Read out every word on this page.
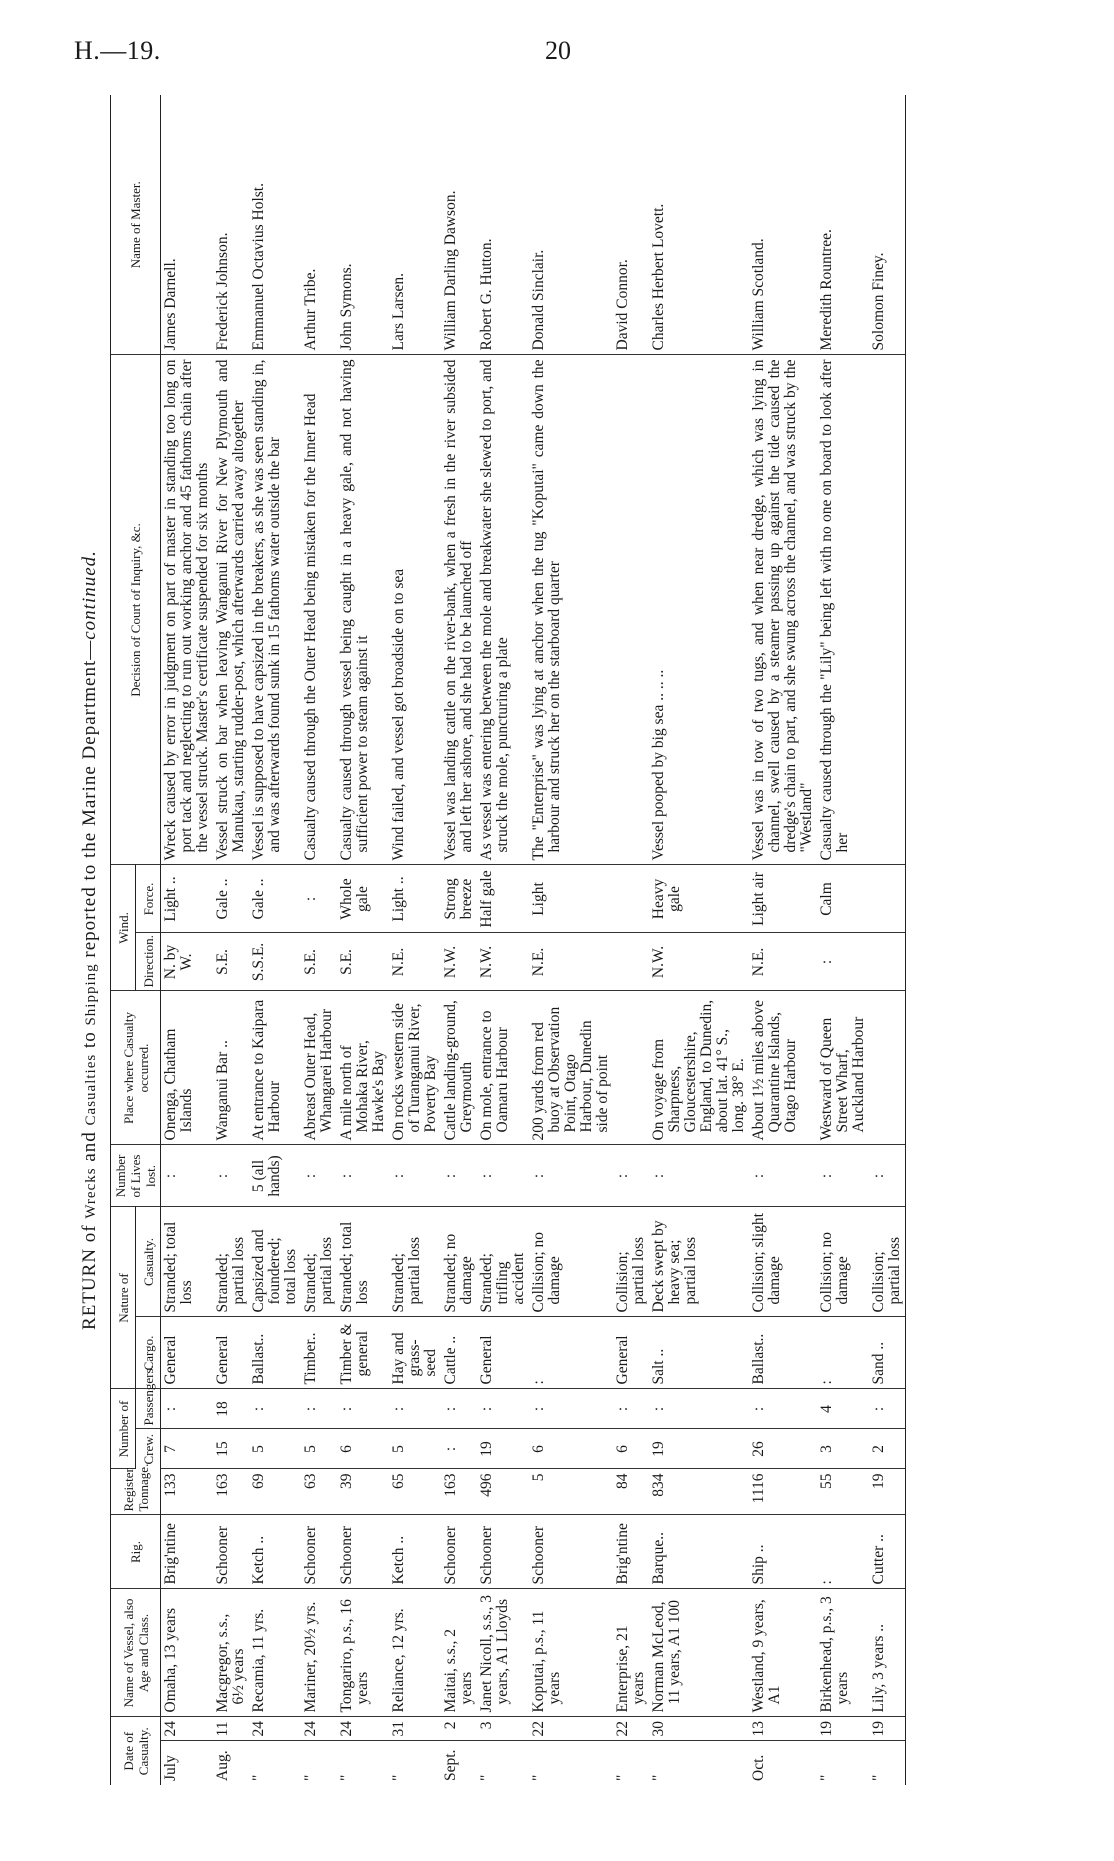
H.—19.	20
RETURN of Wrecks and Casualties to Shipping reported to the Marine Department—continued.
Date of Casualty.		Name of Vessel, also Age and Class.	Rig.	Register Tonnage.	Number of		Nature of		Number of Lives lost.	Place where Casualty occurred.	Wind.		Decision of Court of Inquiry, &c.	Name of Master.
					Crew.	Passengers.	Cargo.	Casualty.			Direction.	Force.		
July	24	Omaha, 13 years	Brig'ntine	133	7	:	General	Stranded; total loss	:	Onenga, Chatham Islands	N. by W.	Light ..	Wreck caused by error in judgment on part of master in standing too long on port tack and neglecting to run out working anchor and 45 fathoms chain after the vessel struck. Master's certificate suspended for six months	James Darnell.
Aug.	11	Macgregor, s.s., 6½ years	Schooner	163	15	18	General	Stranded; partial loss	:	Wanganui Bar ..	S.E.	Gale ..	Vessel struck on bar when leaving Wanganui River for New Plymouth and Manukau, starting rudder-post, which afterwards carried away altogether	Frederick Johnson.
"	24	Recamia, 11 yrs.	Ketch ..	69	5	:	Ballast..	Capsized and foundered; total loss	5 (all hands)	At entrance to Kaipara Harbour	S.S.E.	Gale ..	Vessel is supposed to have capsized in the breakers, as she was seen standing in, and was afterwards found sunk in 15 fathoms water outside the bar	Emmanuel Octavius Holst.
"	24	Mariner, 20½ yrs.	Schooner	63	5	:	Timber..	Stranded; partial loss	:	Abreast Outer Head, Whangarei Harbour	S.E.	:	Casualty caused through the Outer Head being mistaken for the Inner Head	Arthur Tribe.
"	24	Tongariro, p.s., 16 years	Schooner	39	6	:	Timber & general	Stranded; total loss	:	A mile north of Mohaka River, Hawke's Bay	S.E.	Whole gale	Casualty caused through vessel being caught in a heavy gale, and not having sufficient power to steam against it	John Symons.
"	31	Reliance, 12 yrs.	Ketch ..	65	5	:	Hay and grass-seed	Stranded; partial loss	:	On rocks western side of Turanganui River, Poverty Bay	N.E.	Light ..	Wind failed, and vessel got broadside on to sea	Lars Larsen.
Sept.	2	Maitai, s.s., 2 years	Schooner	163	:	:	Cattle ..	Stranded; no damage	:	Cattle landing-ground, Greymouth	N.W.	Strong breeze	Vessel was landing cattle on the river-bank, when a fresh in the river subsided and left her ashore, and she had to be launched off	William Darling Dawson.
"	3	Janet Nicoll, s.s., 3 years, A1 Lloyds	Schooner	496	19	:	General	Stranded; trifling accident	:	On mole, entrance to Oamaru Harbour	N.W.	Half gale	As vessel was entering between the mole and breakwater she slewed to port, and struck the mole, puncturing a plate	Robert G. Hutton.
"	22	Koputai, p.s., 11 years	Schooner	5	6	:	:	Collision; no damage	:	200 yards from red buoy at Observation Point, Otago Harbour, Dunedin side of point	N.E.	Light	The "Enterprise" was lying at anchor when the tug "Koputai" came down the harbour and struck her on the starboard quarter	Donald Sinclair.
"	22	Enterprise, 21 years	Brig'ntine	84	6	:	General	Collision; partial loss	:					David Connor.
"	30	Norman McLeod, 11 years, A1 100	Barque..	834	19	:	Salt ..	Deck swept by heavy sea; partial loss	:	On voyage from Sharpness, Gloucestershire, England, to Dunedin, about lat. 41° S., long. 38° E.	N.W.	Heavy gale	Vessel pooped by big sea .. .. ..	Charles Herbert Lovett.
Oct.	13	Westland, 9 years, A1	Ship ..	1116	26	:	Ballast..	Collision; slight damage	:	About 1½ miles above Quarantine Islands, Otago Harbour	N.E.	Light air	Vessel was in tow of two tugs, and when near dredge, which was lying in channel, swell caused by a steamer passing up against the tide caused the dredge's chain to part, and she swung across the channel, and was struck by the "Westland"	William Scotland.
"	19	Birkenhead, p.s., 3 years	:	55	3	4	:	Collision; no damage	:	Westward of Queen Street Wharf, Auckland Harbour	:	Calm	Casualty caused through the "Lily" being left with no one on board to look after her	Meredith Rountree.
"	19	Lily, 3 years ..	Cutter ..	19	2	:	Sand ..	Collision; partial loss	:					Solomon Finey.
